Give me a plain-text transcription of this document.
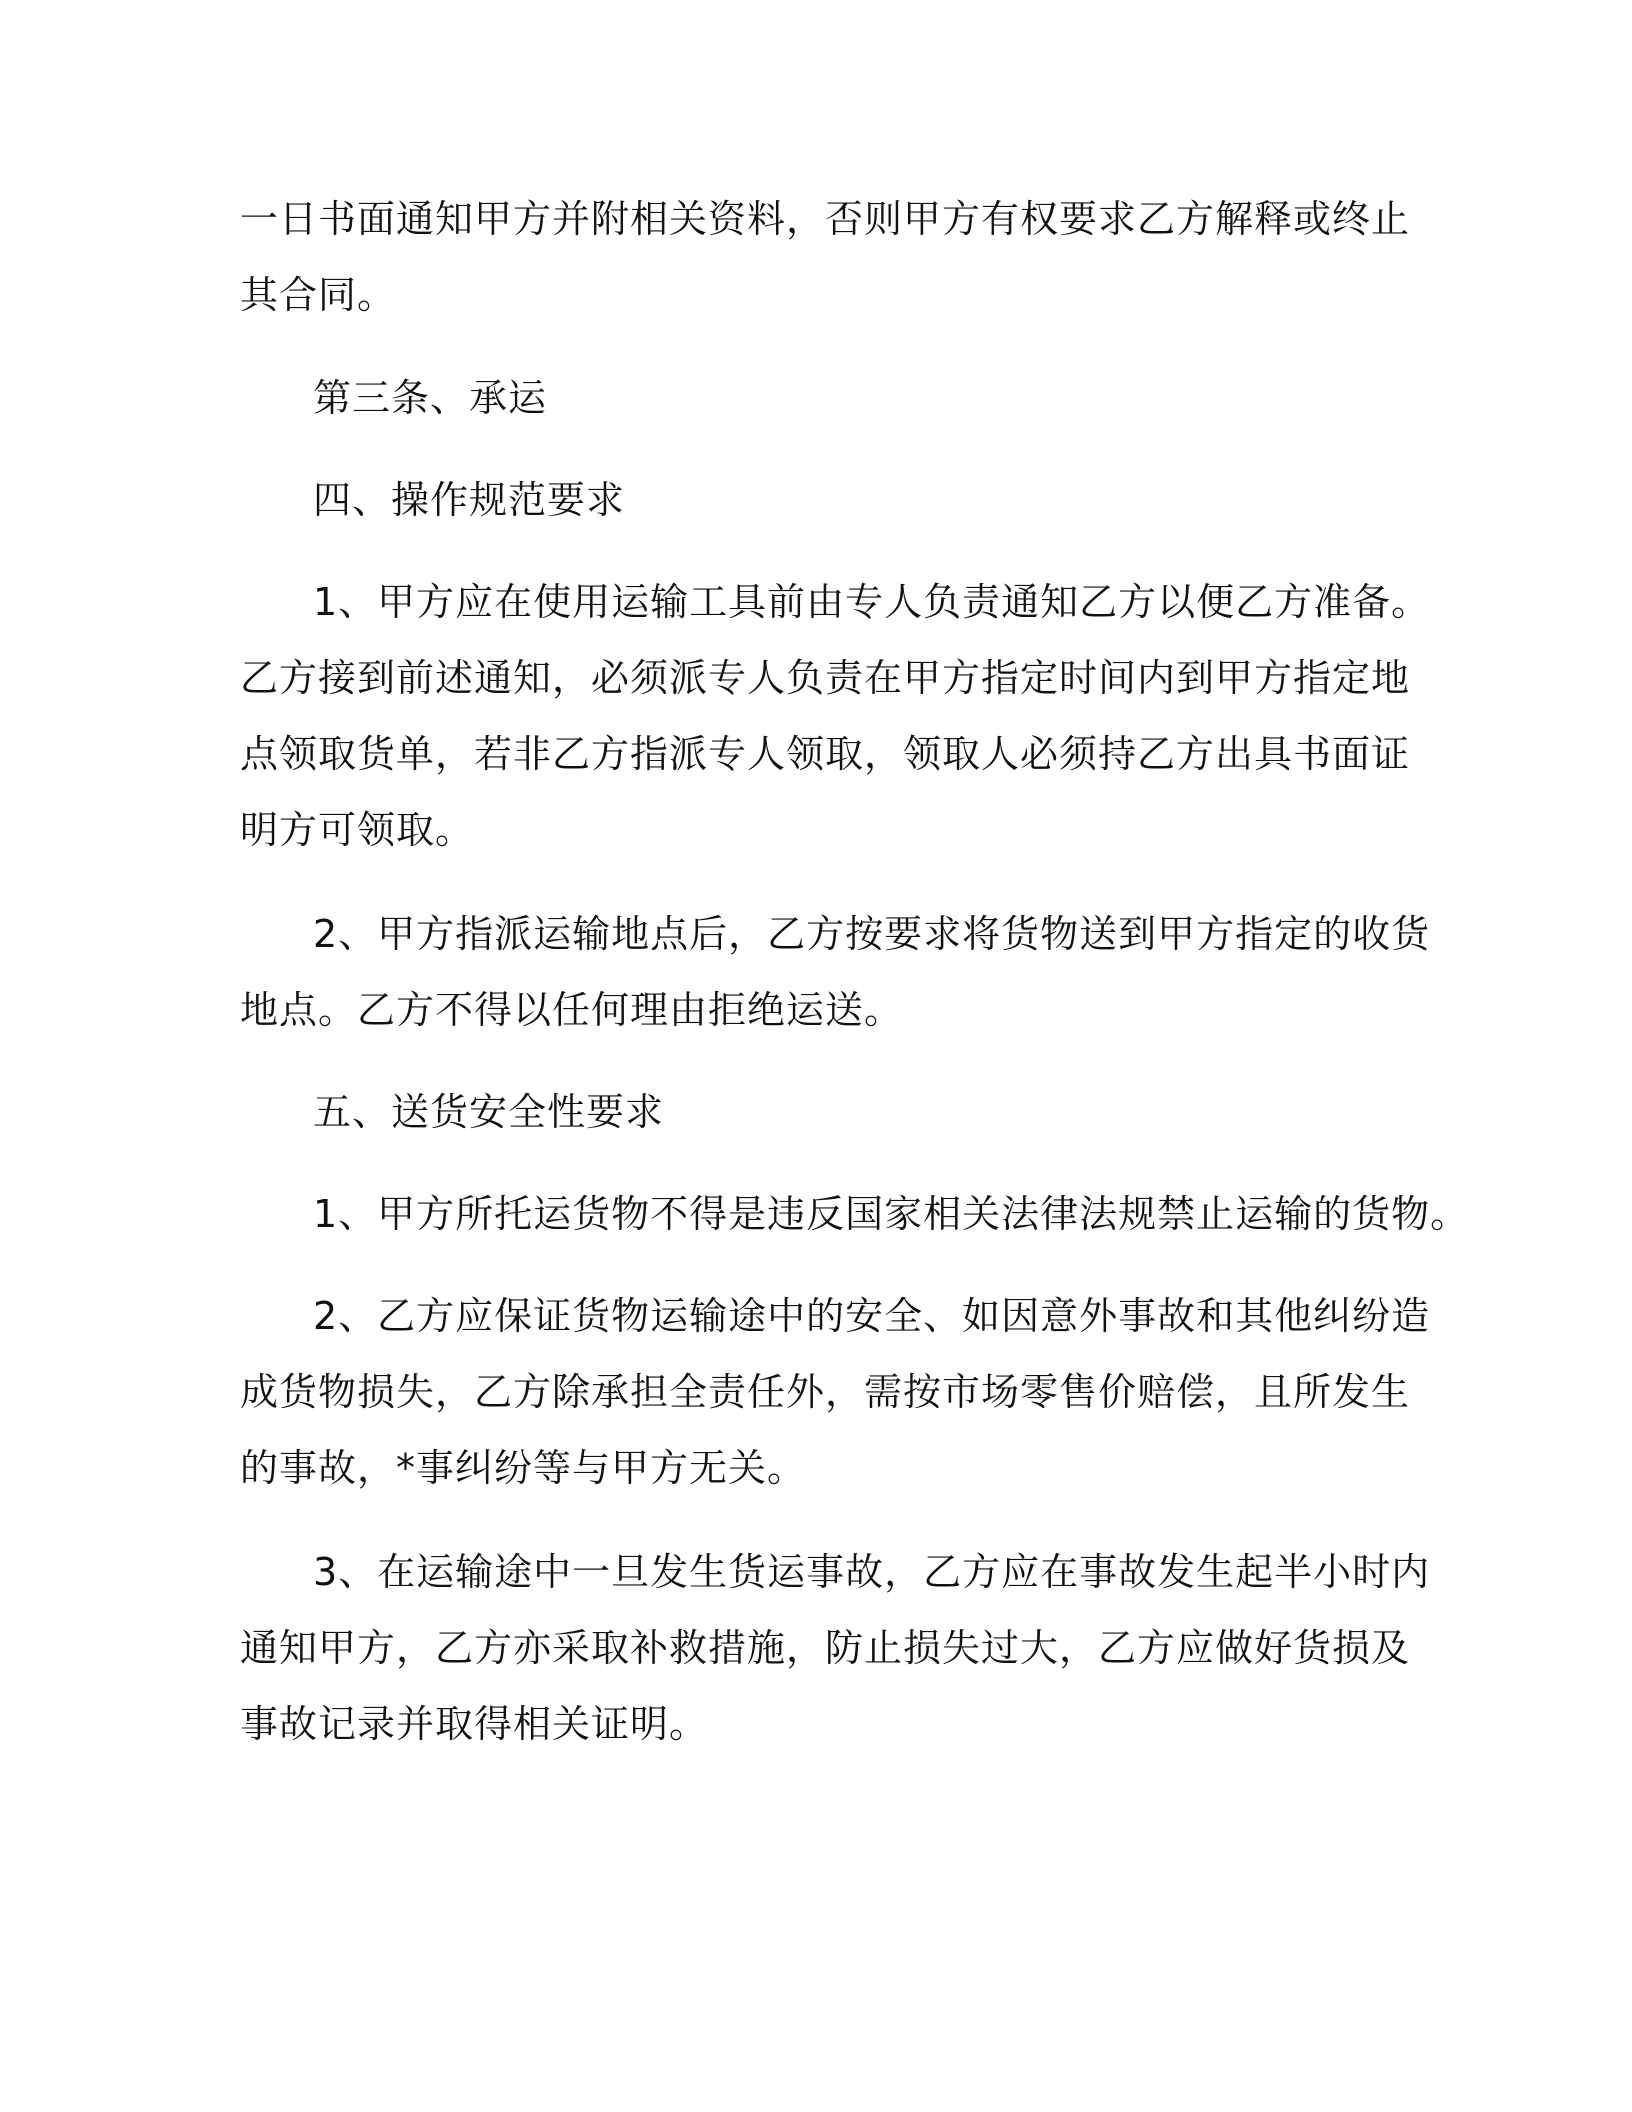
一日书面通知甲方并附相关资料，否则甲方有权要求乙方解释或终止
其合同。
第三条、承运
四、操作规范要求
1、甲方应在使用运输工具前由专人负责通知乙方以便乙方准备。
乙方接到前述通知，必须派专人负责在甲方指定时间内到甲方指定地
点领取货单，若非乙方指派专人领取，领取人必须持乙方出具书面证
明方可领取。
2、甲方指派运输地点后，乙方按要求将货物送到甲方指定的收货
地点。乙方不得以任何理由拒绝运送。
五、送货安全性要求
1、甲方所托运货物不得是违反国家相关法律法规禁止运输的货物。
2、乙方应保证货物运输途中的安全、如因意外事故和其他纠纷造
成货物损失，乙方除承担全责任外，需按市场零售价赔偿，且所发生
的事故，*事纠纷等与甲方无关。
3、在运输途中一旦发生货运事故，乙方应在事故发生起半小时内
通知甲方，乙方亦采取补救措施，防止损失过大，乙方应做好货损及
事故记录并取得相关证明。
